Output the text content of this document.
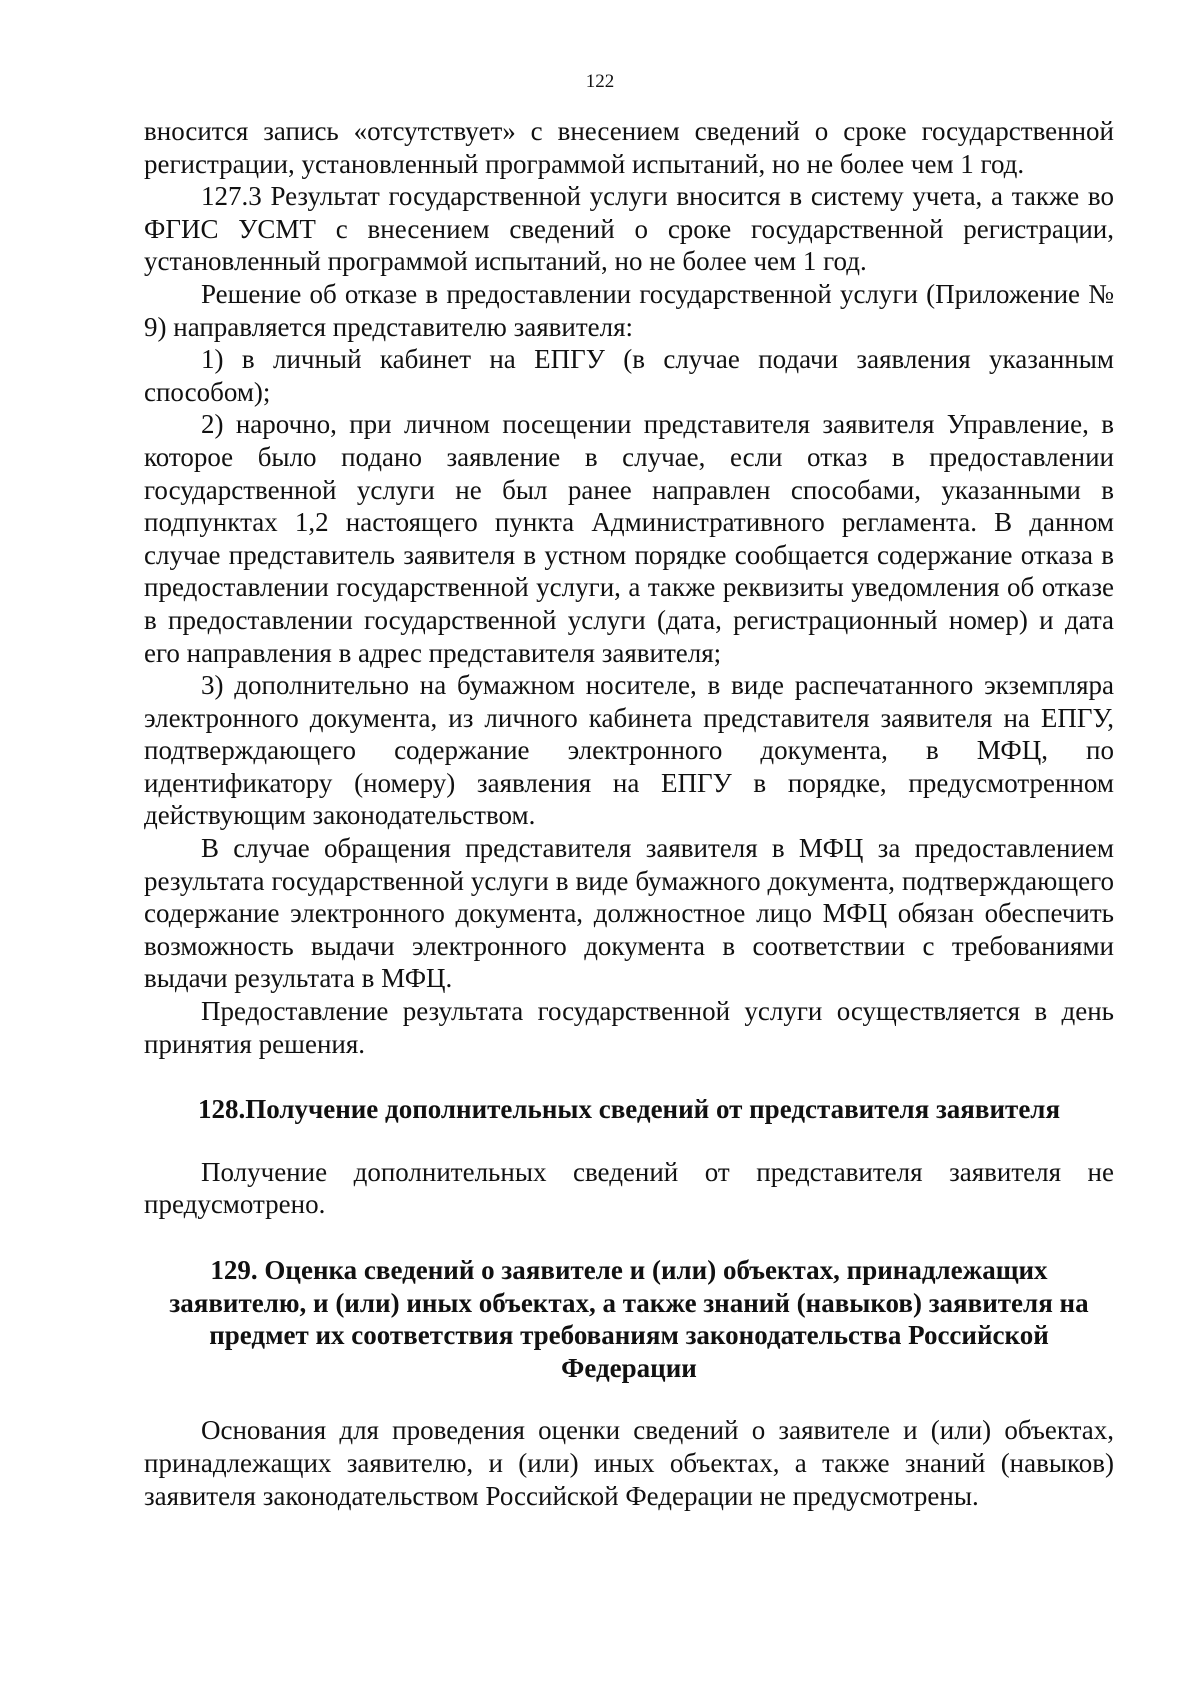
122

вносится запись «отсутствует» с внесением сведений о сроке государственной регистрации, установленный программой испытаний, но не более чем 1 год.

127.3 Результат государственной услуги вносится в систему учета, а также во ФГИС УСМТ с внесением сведений о сроке государственной регистрации, установленный программой испытаний, но не более чем 1 год.

Решение об отказе в предоставлении государственной услуги (Приложение № 9) направляется представителю заявителя:

1) в личный кабинет на ЕПГУ (в случае подачи заявления указанным способом);

2) нарочно, при личном посещении представителя заявителя Управление, в которое было подано заявление в случае, если отказ в предоставлении государственной услуги не был ранее направлен способами, указанными в подпунктах 1,2 настоящего пункта Административного регламента. В данном случае представитель заявителя в устном порядке сообщается содержание отказа в предоставлении государственной услуги, а также реквизиты уведомления об отказе в предоставлении государственной услуги (дата, регистрационный номер) и дата его направления в адрес представителя заявителя;

3) дополнительно на бумажном носителе, в виде распечатанного экземпляра электронного документа, из личного кабинета представителя заявителя на ЕПГУ, подтверждающего содержание электронного документа, в МФЦ, по идентификатору (номеру) заявления на ЕПГУ в порядке, предусмотренном действующим законодательством.

В случае обращения представителя заявителя в МФЦ за предоставлением результата государственной услуги в виде бумажного документа, подтверждающего содержание электронного документа, должностное лицо МФЦ обязан обеспечить возможность выдачи электронного документа в соответствии с требованиями выдачи результата в МФЦ.

Предоставление результата государственной услуги осуществляется в день принятия решения.

128.Получение дополнительных сведений от представителя заявителя

Получение дополнительных сведений от представителя заявителя не предусмотрено.

129. Оценка сведений о заявителе и (или) объектах, принадлежащих заявителю, и (или) иных объектах, а также знаний (навыков) заявителя на предмет их соответствия требованиям законодательства Российской Федерации

Основания для проведения оценки сведений о заявителе и (или) объектах, принадлежащих заявителю, и (или) иных объектах, а также знаний (навыков) заявителя законодательством Российской Федерации не предусмотрены.
